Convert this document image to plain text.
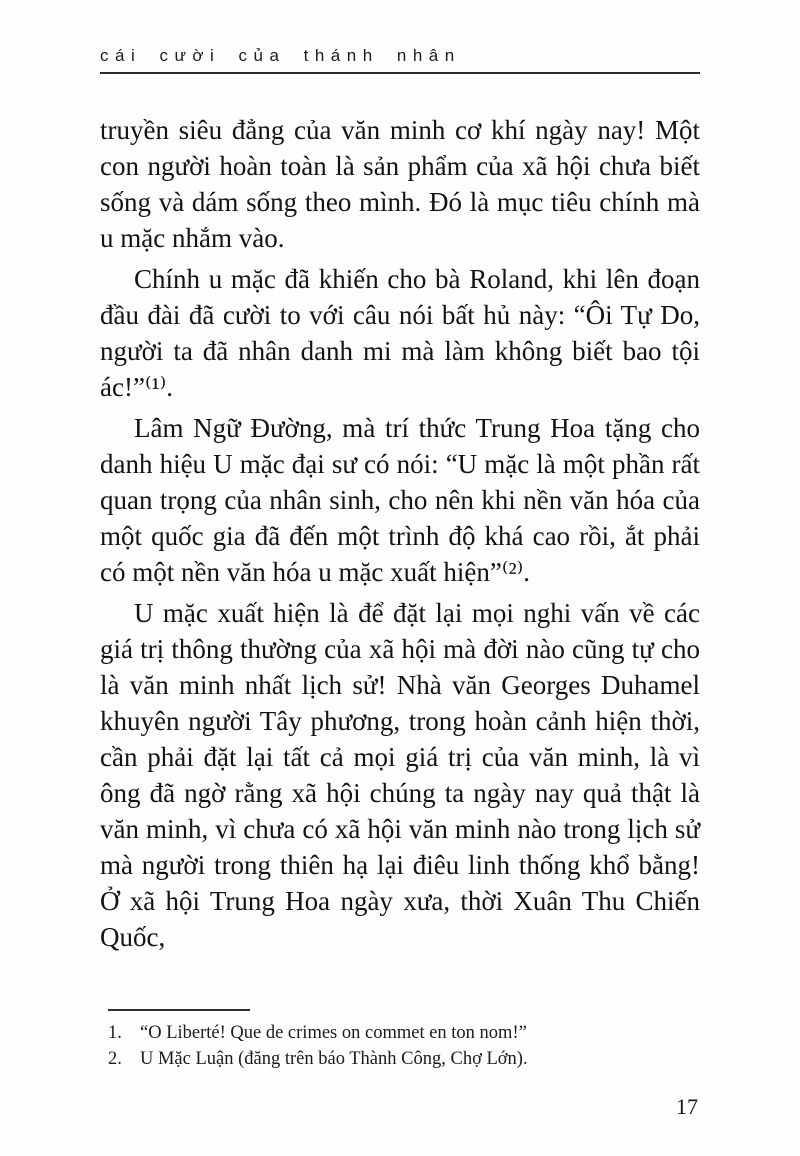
cái cười của thánh nhân

truyền siêu đẳng của văn minh cơ khí ngày nay! Một con người hoàn toàn là sản phẩm của xã hội chưa biết sống và dám sống theo mình. Đó là mục tiêu chính mà u mặc nhắm vào.

Chính u mặc đã khiến cho bà Roland, khi lên đoạn đầu đài đã cười to với câu nói bất hủ này: “Ôi Tự Do, người ta đã nhân danh mi mà làm không biết bao tội ác!”⁽¹⁾.

Lâm Ngữ Đường, mà trí thức Trung Hoa tặng cho danh hiệu U mặc đại sư có nói: “U mặc là một phần rất quan trọng của nhân sinh, cho nên khi nền văn hóa của một quốc gia đã đến một trình độ khá cao rồi, ắt phải có một nền văn hóa u mặc xuất hiện”⁽²⁾.

U mặc xuất hiện là để đặt lại mọi nghi vấn về các giá trị thông thường của xã hội mà đời nào cũng tự cho là văn minh nhất lịch sử! Nhà văn Georges Duhamel khuyên người Tây phương, trong hoàn cảnh hiện thời, cần phải đặt lại tất cả mọi giá trị của văn minh, là vì ông đã ngờ rằng xã hội chúng ta ngày nay quả thật là văn minh, vì chưa có xã hội văn minh nào trong lịch sử mà người trong thiên hạ lại điêu linh thống khổ bằng! Ở xã hội Trung Hoa ngày xưa, thời Xuân Thu Chiến Quốc,

1. “O Liberté! Que de crimes on commet en ton nom!”
2. U Mặc Luận (đăng trên báo Thành Công, Chợ Lớn).
17
